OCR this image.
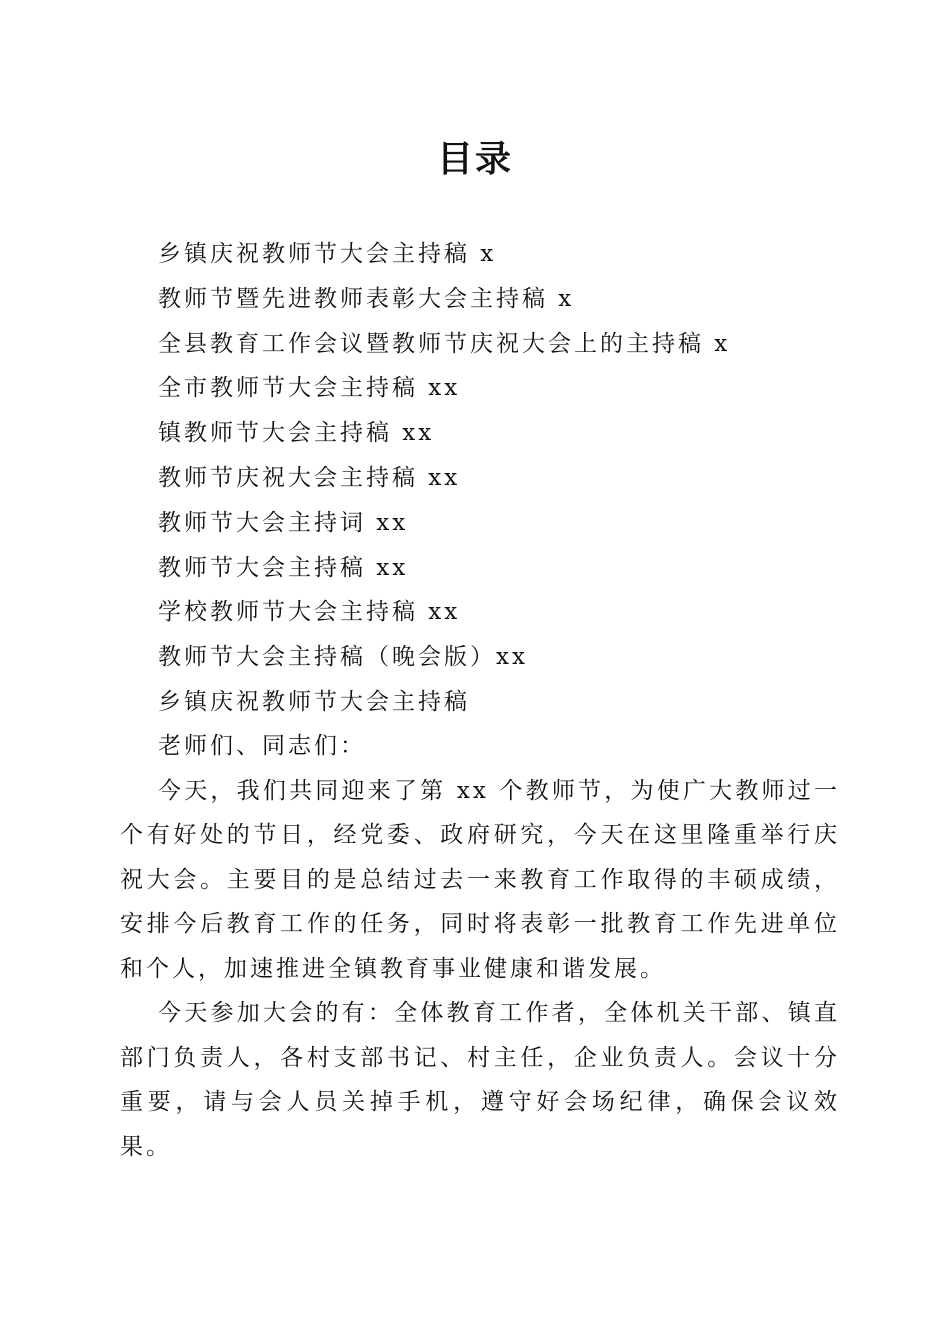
目录
乡镇庆祝教师节大会主持稿 x
教师节暨先进教师表彰大会主持稿 x
全县教育工作会议暨教师节庆祝大会上的主持稿 x
全市教师节大会主持稿 xx
镇教师节大会主持稿 xx
教师节庆祝大会主持稿 xx
教师节大会主持词 xx
教师节大会主持稿 xx
学校教师节大会主持稿 xx
教师节大会主持稿（晚会版）xx
乡镇庆祝教师节大会主持稿

老师们、同志们：

今天，我们共同迎来了第 xx 个教师节，为使广大教师过一个有好处的节日，经党委、政府研究，今天在这里隆重举行庆祝大会。主要目的是总结过去一来教育工作取得的丰硕成绩，安排今后教育工作的任务，同时将表彰一批教育工作先进单位和个人，加速推进全镇教育事业健康和谐发展。

今天参加大会的有：全体教育工作者，全体机关干部、镇直部门负责人，各村支部书记、村主任，企业负责人。会议十分重要，请与会人员关掉手机，遵守好会场纪律，确保会议效果。
